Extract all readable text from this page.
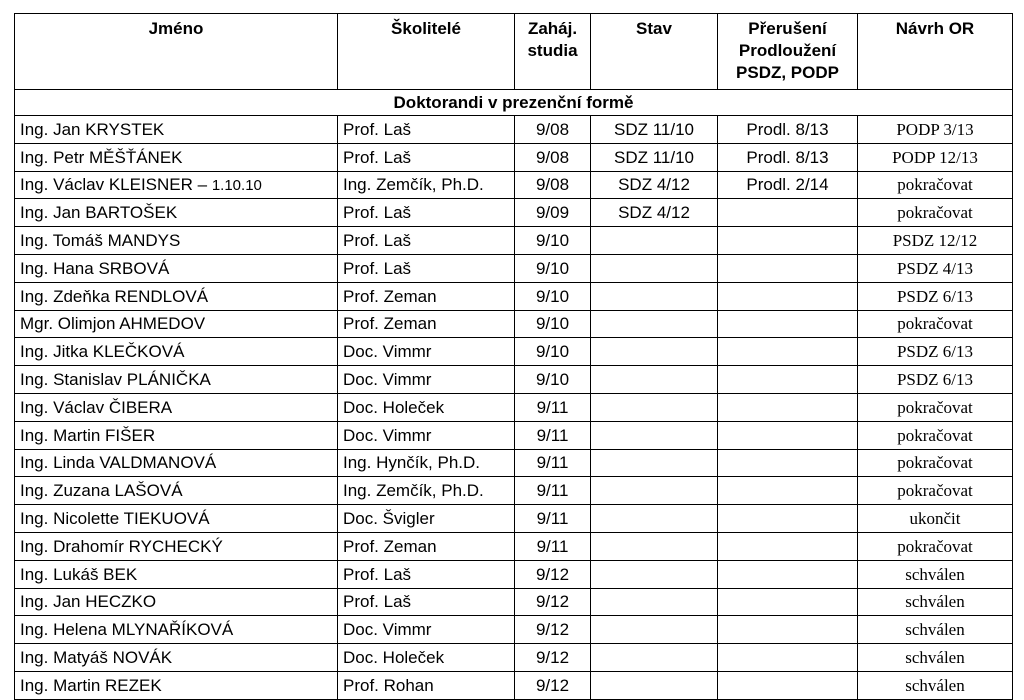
Jméno	Školitelé	Zaháj. studia	Stav	Přerušení Prodloužení PSDZ, PODP	Návrh OR
Doktorandi v prezenční formě					
Ing. Jan KRYSTEK	Prof. Laš	9/08	SDZ 11/10	Prodl. 8/13	PODP 3/13
Ing. Petr MĚŠŤÁNEK	Prof. Laš	9/08	SDZ 11/10	Prodl. 8/13	PODP 12/13
Ing. Václav KLEISNER – 1.10.10	Ing. Zemčík, Ph.D.	9/08	SDZ 4/12	Prodl. 2/14	pokračovat
Ing. Jan BARTOŠEK	Prof. Laš	9/09	SDZ 4/12		pokračovat
Ing. Tomáš MANDYS	Prof. Laš	9/10			PSDZ 12/12
Ing. Hana SRBOVÁ	Prof. Laš	9/10			PSDZ 4/13
Ing. Zdeňka RENDLOVÁ	Prof. Zeman	9/10			PSDZ 6/13
Mgr. Olimjon AHMEDOV	Prof. Zeman	9/10			pokračovat
Ing. Jitka KLEČKOVÁ	Doc. Vimmr	9/10			PSDZ 6/13
Ing. Stanislav PLÁNIČKA	Doc. Vimmr	9/10			PSDZ 6/13
Ing. Václav ČIBERA	Doc. Holeček	9/11			pokračovat
Ing. Martin FIŠER	Doc. Vimmr	9/11			pokračovat
Ing. Linda VALDMANOVÁ	Ing. Hynčík, Ph.D.	9/11			pokračovat
Ing. Zuzana LAŠOVÁ	Ing. Zemčík, Ph.D.	9/11			pokračovat
Ing. Nicolette TIEKUOVÁ	Doc. Švigler	9/11			ukončit
Ing. Drahomír RYCHECKÝ	Prof. Zeman	9/11			pokračovat
Ing. Lukáš BEK	Prof. Laš	9/12			schválen
Ing. Jan HECZKO	Prof. Laš	9/12			schválen
Ing. Helena MLYNAŘÍKOVÁ	Doc. Vimmr	9/12			schválen
Ing. Matyáš NOVÁK	Doc. Holeček	9/12			schválen
Ing. Martin REZEK	Prof. Rohan	9/12			schválen
